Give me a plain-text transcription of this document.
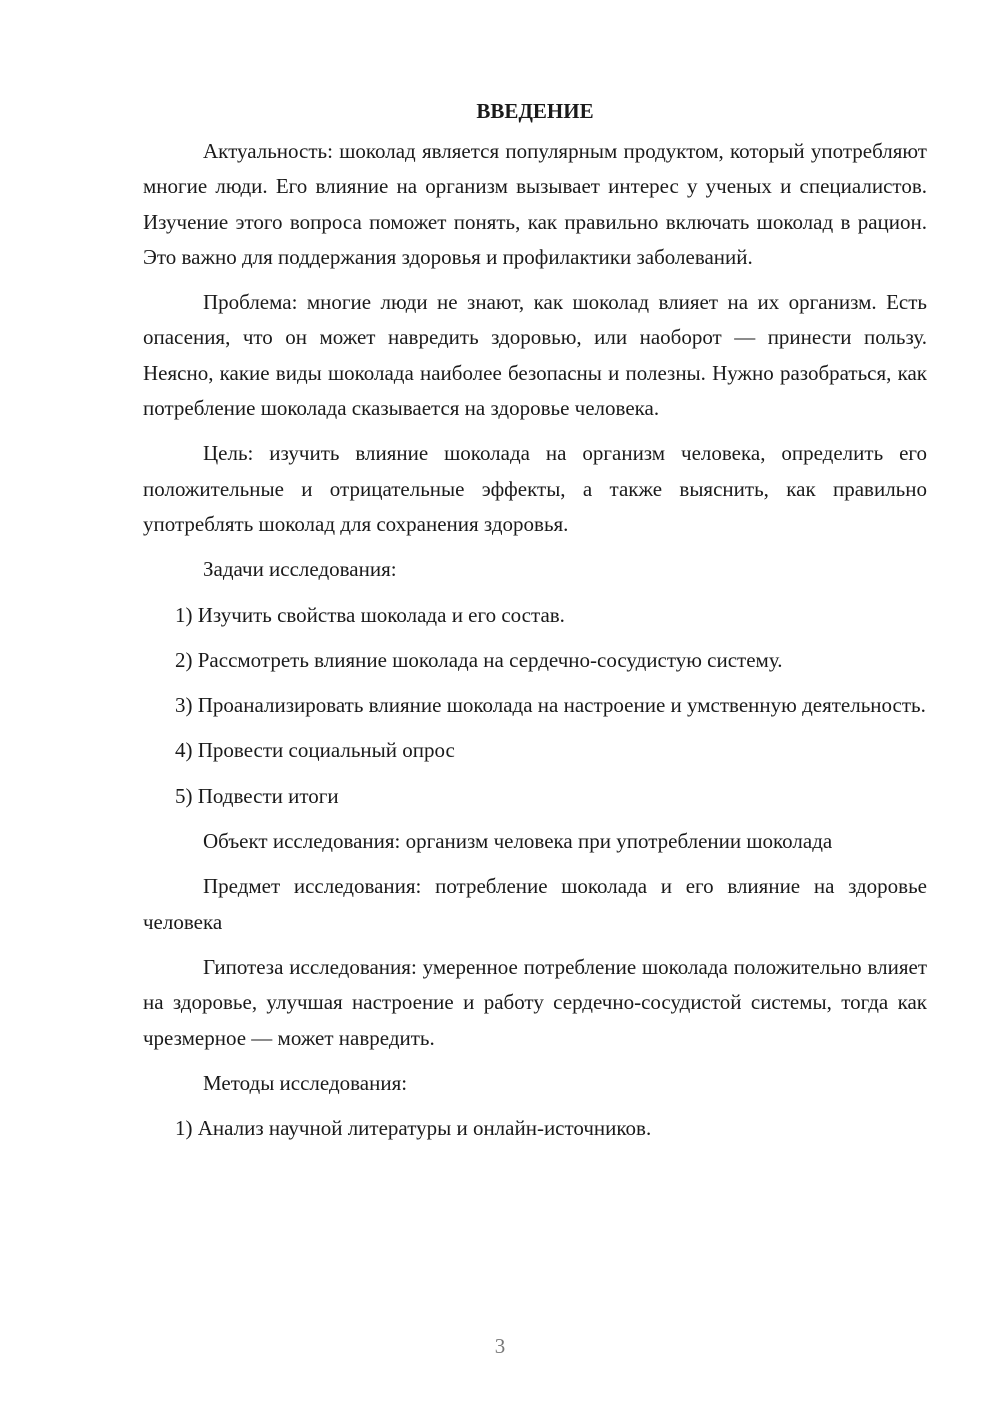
ВВЕДЕНИЕ

Актуальность: шоколад является популярным продуктом, который употребляют многие люди. Его влияние на организм вызывает интерес у ученых и специалистов. Изучение этого вопроса поможет понять, как правильно включать шоколад в рацион. Это важно для поддержания здоровья и профилактики заболеваний.

Проблема: многие люди не знают, как шоколад влияет на их организм. Есть опасения, что он может навредить здоровью, или наоборот — принести пользу. Неясно, какие виды шоколада наиболее безопасны и полезны. Нужно разобраться, как потребление шоколада сказывается на здоровье человека.

Цель: изучить влияние шоколада на организм человека, определить его положительные и отрицательные эффекты, а также выяснить, как правильно употреблять шоколад для сохранения здоровья.

Задачи исследования:

1) Изучить свойства шоколада и его состав.

2) Рассмотреть влияние шоколада на сердечно-сосудистую систему.

3) Проанализировать влияние шоколада на настроение и умственную деятельность.

4) Провести социальный опрос

5) Подвести итоги

Объект исследования: организм человека при употреблении шоколада

Предмет исследования: потребление шоколада и его влияние на здоровье человека

Гипотеза исследования: умеренное потребление шоколада положительно влияет на здоровье, улучшая настроение и работу сердечно-сосудистой системы, тогда как чрезмерное — может навредить.

Методы исследования:

1) Анализ научной литературы и онлайн-источников.

3
